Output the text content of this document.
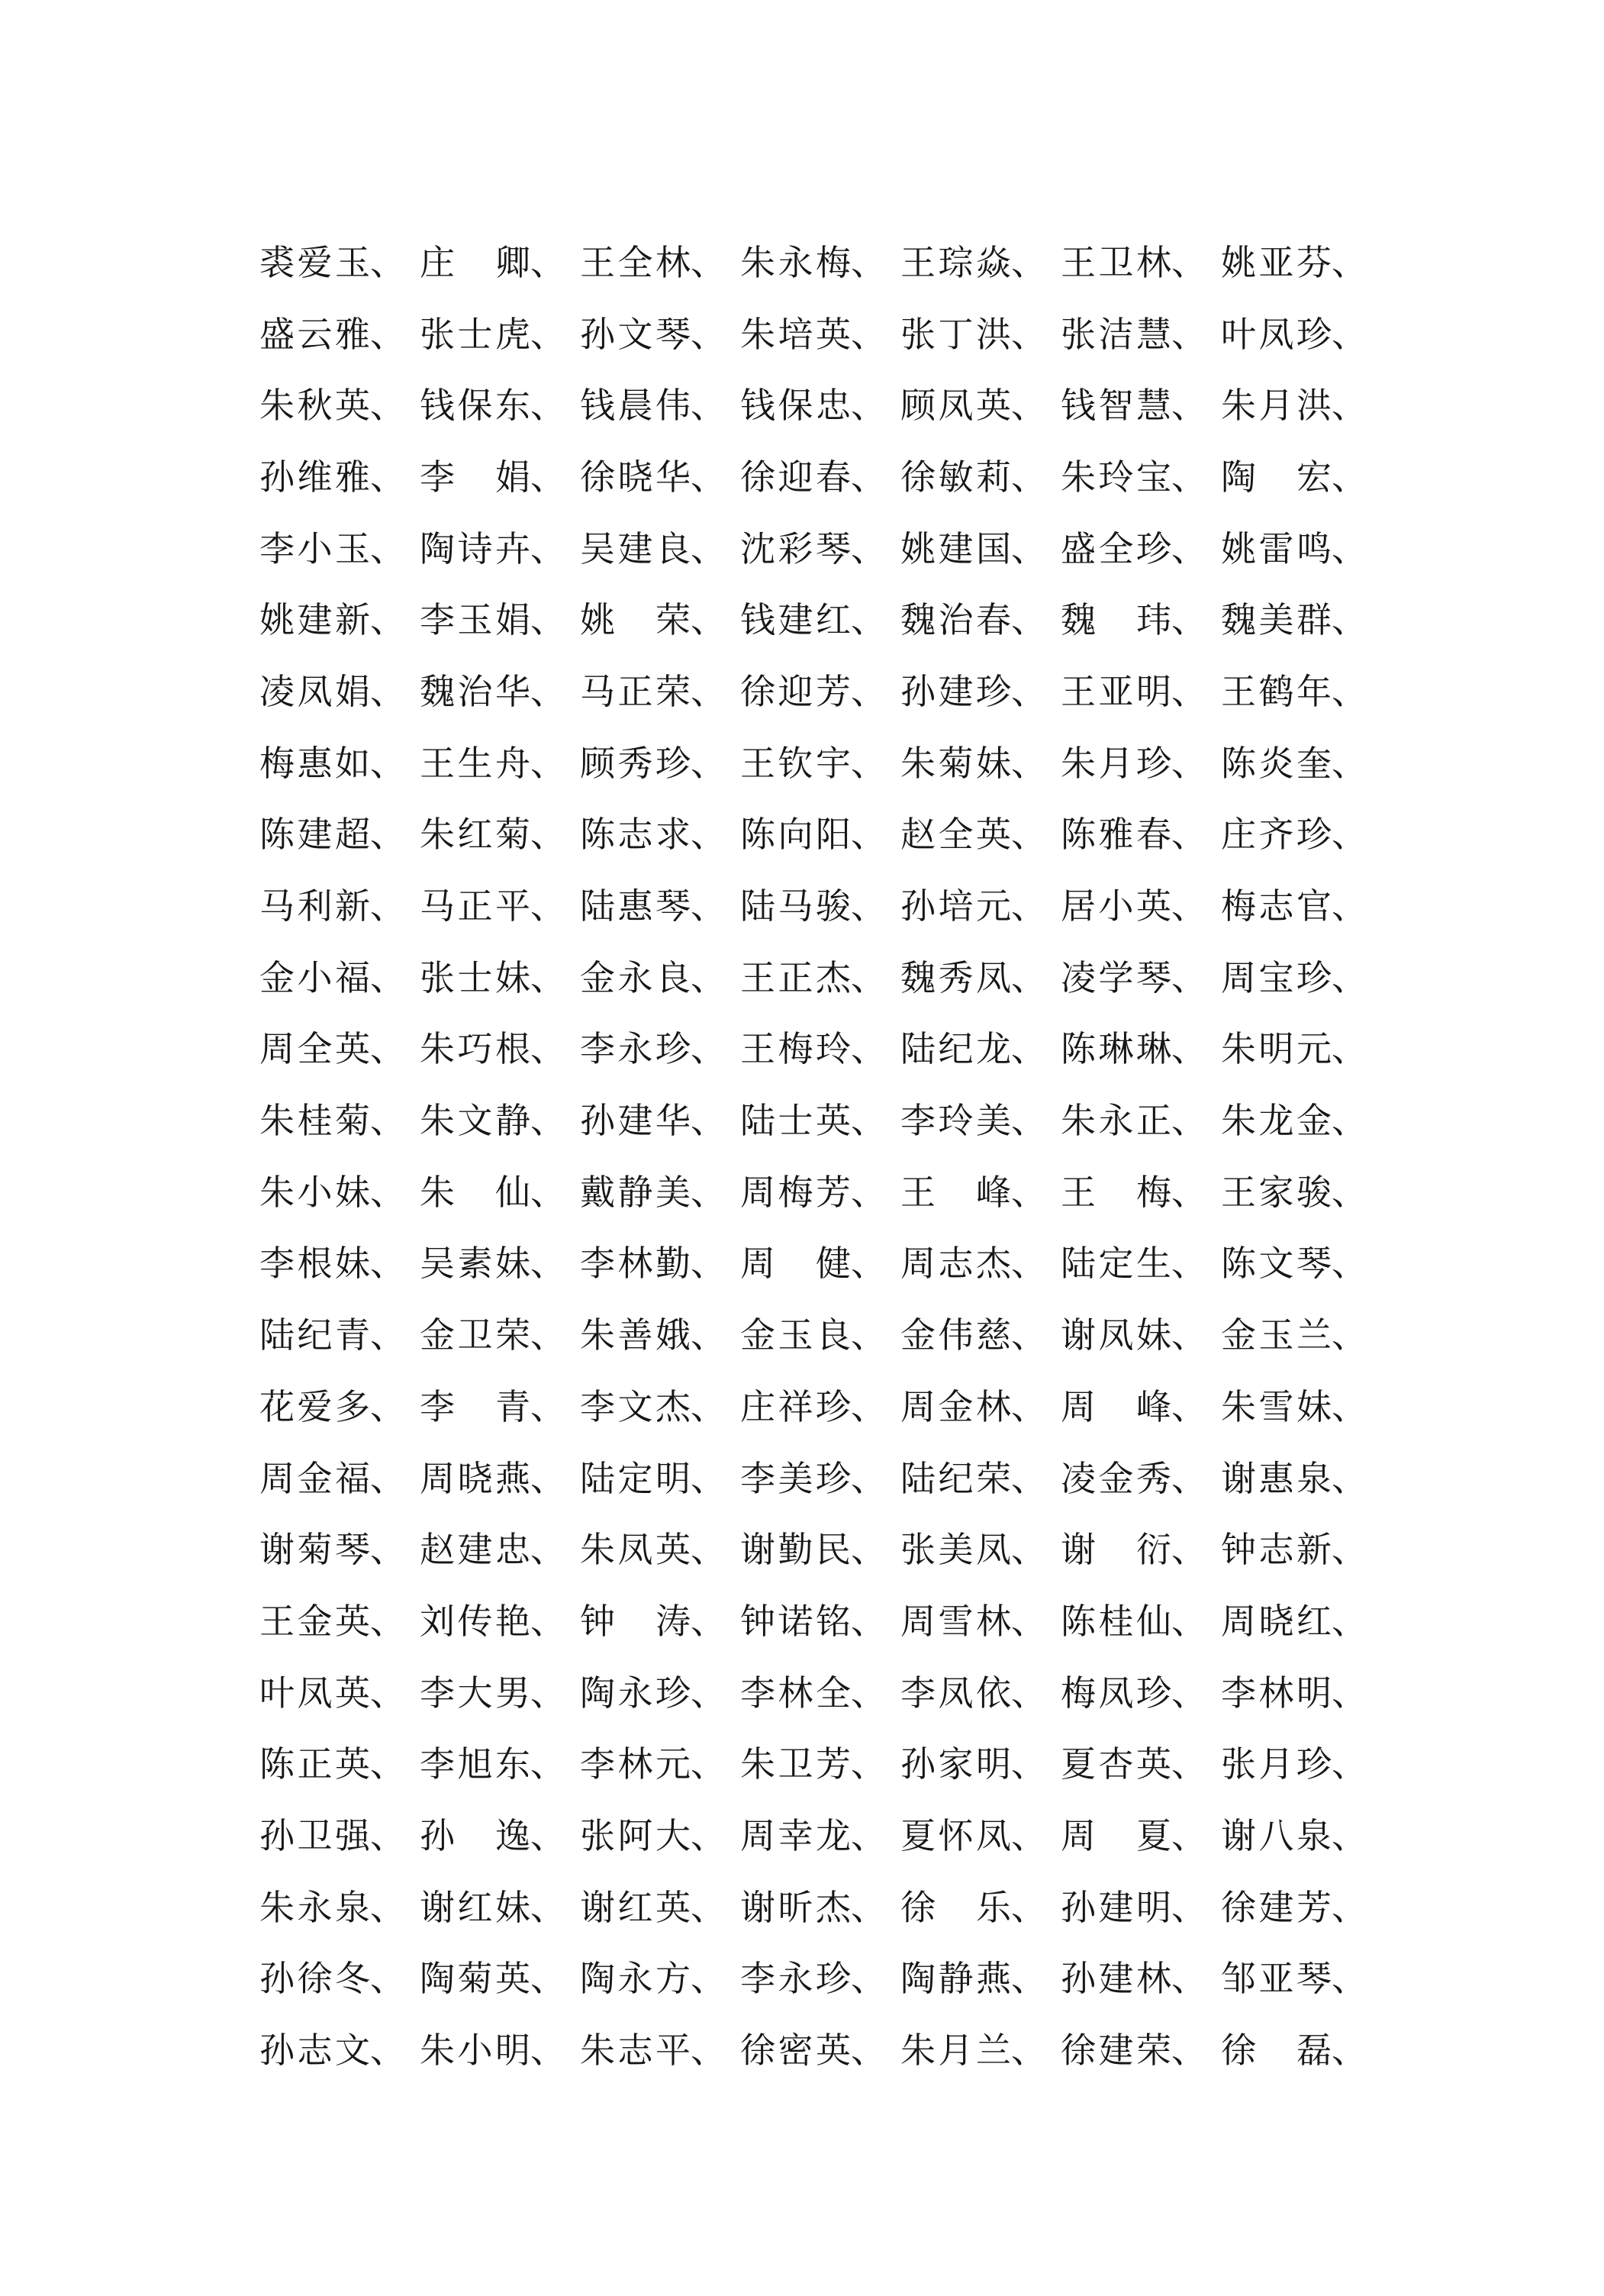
裘爱玉 、 庄 卿 、 王全林 、 朱永梅 、 王琮焱 、 王卫林 、 姚亚芬 、
盛云雅 、 张士虎 、 孙文琴 、 朱培英 、 张丁洪 、 张洁慧 、 叶凤珍 、
朱秋英 、 钱保东 、 钱晨伟 、 钱保忠 、 顾凤英 、 钱智慧 、 朱月洪 、
孙维雅 、 李 娟 、 徐晓华 、 徐迎春 、 徐敏莉 、 朱玲宝 、 陶 宏 、
李小玉 、 陶诗卉 、 吴建良 、 沈彩琴 、 姚建国 、 盛全珍 、 姚雷鸣 、
姚建新 、 李玉娟 、 姚 荣 、 钱建红 、 魏治春 、 魏 玮 、 魏美群 、
凌凤娟 、 魏治华 、 马正荣 、 徐迎芳 、 孙建珍 、 王亚明 、 王鹤年 、
梅惠如 、 王生舟 、 顾秀珍 、 王钦宇 、 朱菊妹 、 朱月珍 、 陈炎奎 、
陈建超 、 朱红菊 、 陈志求 、 陈向阳 、 赵全英 、 陈雅春 、 庄齐珍 、
马利新 、 马正平 、 陆惠琴 、 陆马骏 、 孙培元 、 居小英 、 梅志官 、
金小福 、 张士妹 、 金永良 、 王正杰 、 魏秀凤 、 凌学琴 、 周宝珍 、
周全英 、 朱巧根 、 李永珍 、 王梅玲 、 陆纪龙 、 陈琳琳 、 朱明元 、
朱桂菊 、 朱文静 、 孙建华 、 陆士英 、 李玲美 、 朱永正 、 朱龙金 、
朱小妹 、 朱 仙 、 戴静美 、 周梅芳 、 王 峰 、 王 梅 、 王家骏 、
李根妹 、 吴素妹 、 李林勤 、 周 健 、 周志杰 、 陆定生 、 陈文琴 、
陆纪青 、 金卫荣 、 朱善娥 、 金玉良 、 金伟慈 、 谢凤妹 、 金玉兰 、
花爱多 、 李 青 、 李文杰 、 庄祥珍 、 周金林 、 周 峰 、 朱雪妹 、
周金福 、 周晓燕 、 陆定明 、 李美珍 、 陆纪荣 、 凌金秀 、 谢惠泉 、
谢菊琴 、 赵建忠 、 朱凤英 、 谢勤民 、 张美凤 、 谢 衍 、 钟志新 、
王金英 、 刘传艳 、 钟 涛 、 钟诺铭 、 周雪林 、 陈桂仙 、 周晓红 、
叶凤英 、 李大男 、 陶永珍 、 李林全 、 李凤依 、 梅凤珍 、 李林明 、
陈正英 、 李旭东 、 李林元 、 朱卫芳 、 孙家明 、 夏杏英 、 张月珍 、
孙卫强 、 孙 逸 、 张阿大 、 周幸龙 、 夏怀凤 、 周 夏 、 谢八泉 、
朱永泉 、 谢红妹 、 谢红英 、 谢昕杰 、 徐 乐 、 孙建明 、 徐建芳 、
孙徐冬 、 陶菊英 、 陶永方 、 李永珍 、 陶静燕 、 孙建林 、 邹亚琴 、
孙志文 、 朱小明 、 朱志平 、 徐密英 、 朱月兰 、 徐建荣 、 徐 磊 、
